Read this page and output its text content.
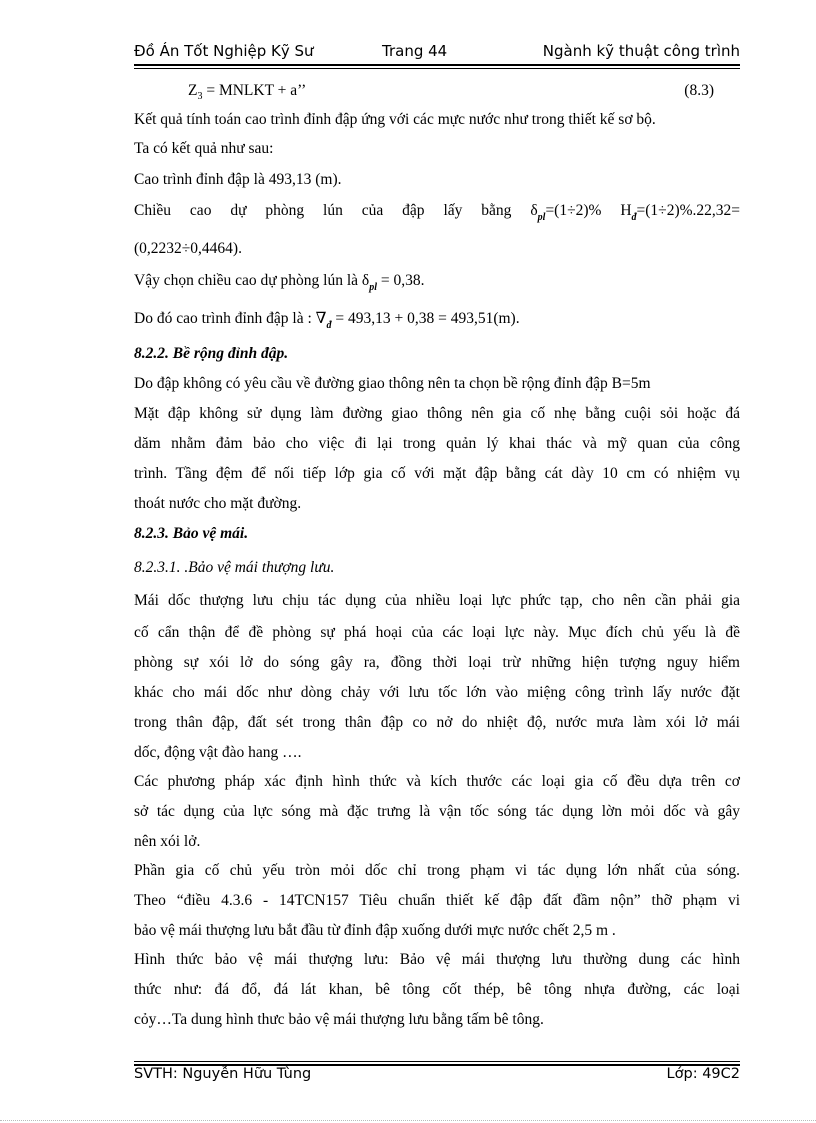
Đồ Án Tốt Nghiệp Kỹ Sư	Trang 44	Ngành kỹ thuật công trình

$Z_3$ = MNLKT + a’’	(8.3)

Kết quả tính toán cao trình đỉnh đập ứng với các mực nước như trong thiết kế sơ bộ.

Ta có kết quả như sau:

Cao trình đỉnh đập là 493,13 (m).

Chiều cao dự phòng lún của đập lấy bằng $\delta_{pl}=(1\div 2)\%$ $H_đ=(1\div 2)\%.22,32=$

(0,2232÷0,4464).

Vậy chọn chiều cao dự phòng lún là $\delta_{pl} = 0,38$.

Do đó cao trình đỉnh đập là : $\nabla_đ = 493,13 + 0,38 = 493,51(m)$.

8.2.2. Bề rộng đỉnh đập.

Do đập không có yêu cầu về đường giao thông nên ta chọn bề rộng đỉnh đập B=5m

Mặt đập không sử dụng làm đường giao thông nên gia cố nhẹ bằng cuội sỏi hoặc đá

dăm nhằm đảm bảo cho việc đi lại trong quản lý khai thác và mỹ quan của công

trình. Tầng đệm để nối tiếp lớp gia cố với mặt đập bằng cát dày 10 cm có nhiệm vụ

thoát nước cho mặt đường.

8.2.3. Bảo vệ mái.

8.2.3.1. .Bảo vệ mái thượng lưu.

Mái dốc thượng lưu chịu tác dụng của nhiều loại lực phức tạp, cho nên cần phải gia

cố cẩn thận để đề phòng sự phá hoại của các loại lực này. Mục đích chủ yếu là đề

phòng sự xói lở do sóng gây ra, đồng thời loại trừ những hiện tượng nguy hiểm

khác cho mái dốc như dòng chảy với lưu tốc lớn vào miệng công trình lấy nước đặt

trong thân đập, đất sét trong thân đập co nở do nhiệt độ, nước mưa làm xói lở mái

dốc, động vật đào hang ….

Các phương pháp xác định hình thức và kích thước các loại gia cố đều dựa trên cơ

sở tác dụng của lực sóng mà đặc trưng là vận tốc sóng tác dụng lờn mỏi dốc và gây

nên xói lở.

Phần gia cố chủ yếu tròn mỏi dốc chỉ trong phạm vi tác dụng lớn nhất của sóng.

Theo “điều 4.3.6 - 14TCN157 Tiêu chuẩn thiết kế đập đất đầm nộn” thỡ phạm vi

bảo vệ mái thượng lưu bắt đầu từ đỉnh đập xuống dưới mực nước chết 2,5 m .

Hình thức bảo vệ mái thượng lưu: Bảo vệ mái thượng lưu thường dung các hình

thức như: đá đổ, đá lát khan, bê tông cốt thép, bê tông nhựa đường, các loại

cỏy…Ta dung hình thưc bảo vệ mái thượng lưu bằng tấm bê tông.

SVTH: Nguyễn Hữu Tùng	Lớp: 49C2
